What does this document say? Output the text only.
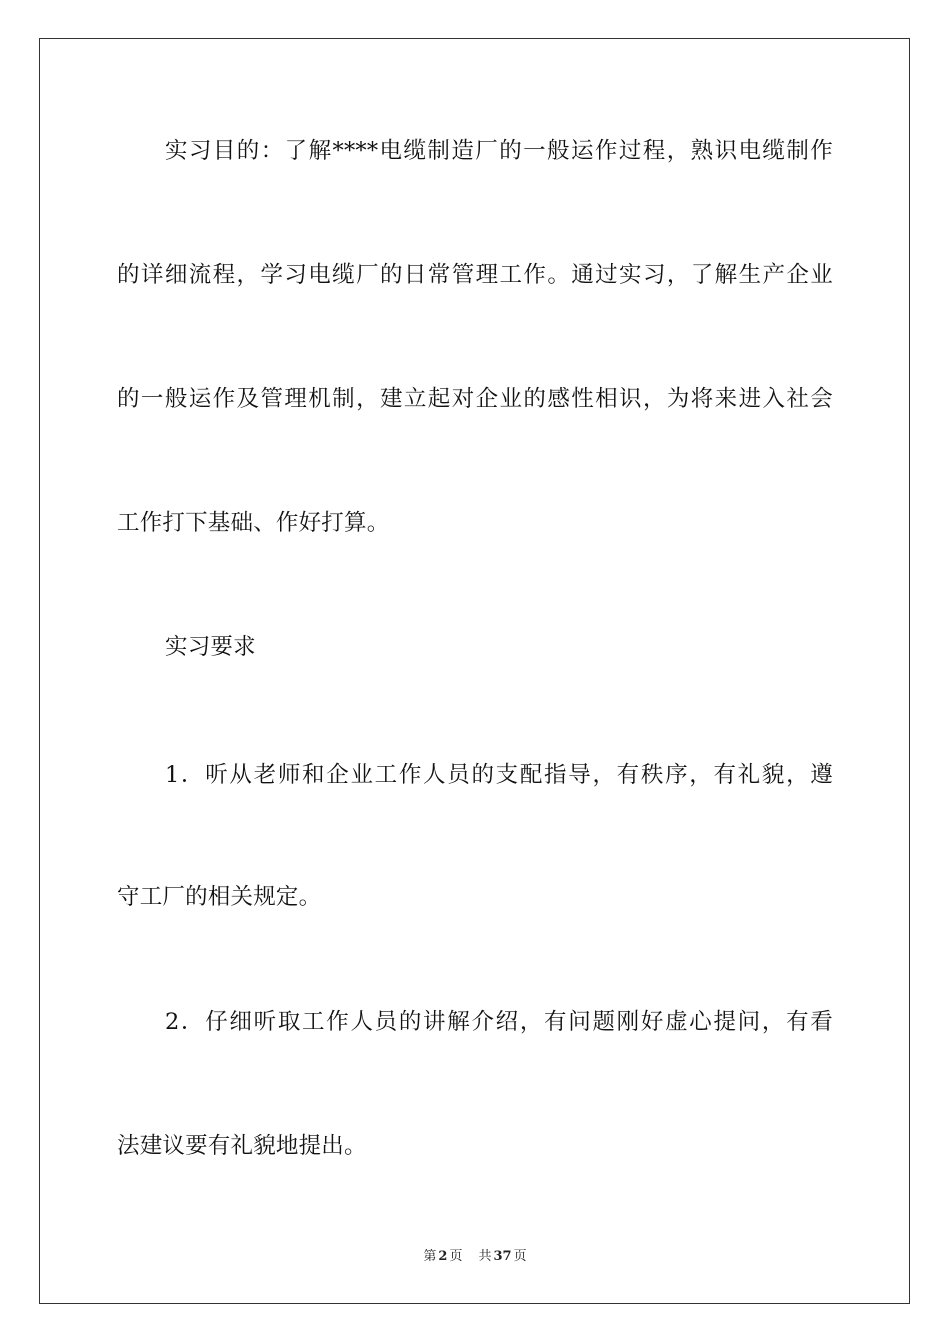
实习目的：了解****电缆制造厂的一般运作过程，熟识电缆制作
的详细流程，学习电缆厂的日常管理工作。通过实习，了解生产企业
的一般运作及管理机制，建立起对企业的感性相识，为将来进入社会
工作打下基础、作好打算。
实习要求
1．听从老师和企业工作人员的支配指导，有秩序，有礼貌，遵
守工厂的相关规定。
2．仔细听取工作人员的讲解介绍，有问题刚好虚心提问，有看
法建议要有礼貌地提出。
第 2 页 共 37 页
